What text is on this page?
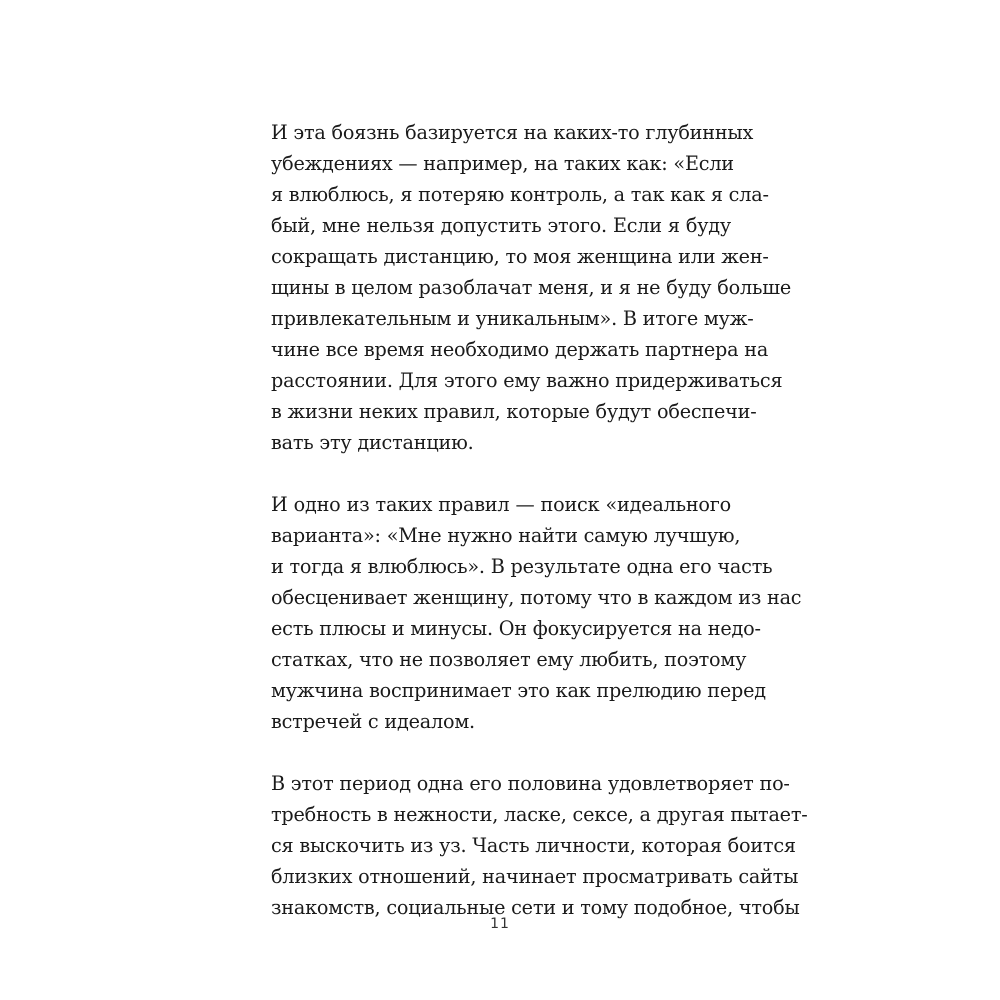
И эта боязнь базируется на каких-то глубинных
убеждениях — например, на таких как: «Если
я влюблюсь, я потеряю контроль, а так как я сла-
бый, мне нельзя допустить этого. Если я буду
сокращать дистанцию, то моя женщина или жен-
щины в целом разоблачат меня, и я не буду больше
привлекательным и уникальным». В итоге муж-
чине все время необходимо держать партнера на
расстоянии. Для этого ему важно придерживаться
в жизни неких правил, которые будут обеспечи-
вать эту дистанцию.
И одно из таких правил — поиск «идеального
варианта»: «Мне нужно найти самую лучшую,
и тогда я влюблюсь». В результате одна его часть
обесценивает женщину, потому что в каждом из нас
есть плюсы и минусы. Он фокусируется на недо-
статках, что не позволяет ему любить, поэтому
мужчина воспринимает это как прелюдию перед
встречей с идеалом.
В этот период одна его половина удовлетворяет по-
требность в нежности, ласке, сексе, а другая пытает-
ся выскочить из уз. Часть личности, которая боится
близких отношений, начинает просматривать сайты
знакомств, социальные сети и тому подобное, чтобы
11
